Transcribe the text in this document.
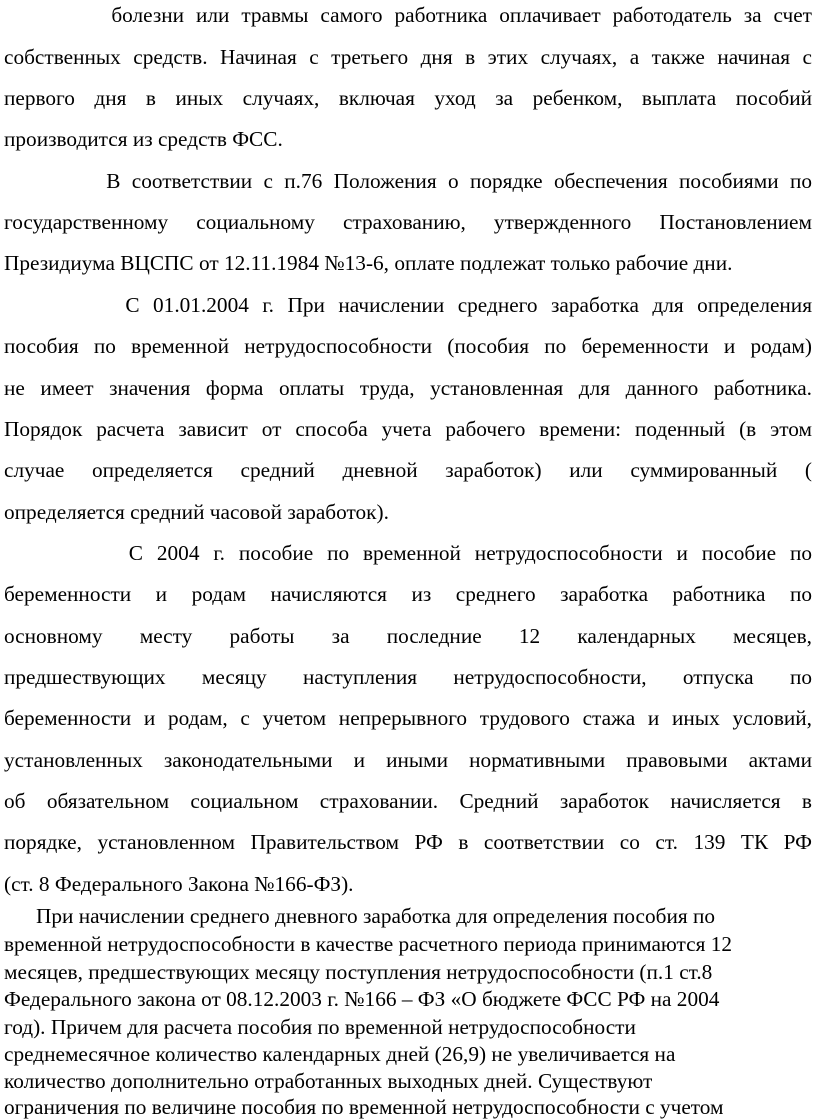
болезни или травмы самого работника оплачивает работодатель за счет

собственных средств. Начиная с третьего дня в этих случаях, а также начиная с

первого дня в иных случаях, включая уход за ребенком, выплата пособий

производится из средств ФСС.

В соответствии с п.76 Положения о порядке обеспечения пособиями по

государственному социальному страхованию, утвержденного Постановлением

Президиума ВЦСПС от 12.11.1984 №13-6, оплате подлежат только рабочие дни.

С 01.01.2004 г. При начислении среднего заработка для определения

пособия по временной нетрудоспособности (пособия по беременности и родам)

не имеет значения форма оплаты труда, установленная для данного работника.

Порядок расчета зависит от способа учета рабочего времени: поденный (в этом

случае определяется средний дневной заработок) или суммированный (

определяется средний часовой заработок).

С 2004 г. пособие по временной нетрудоспособности и пособие по

беременности и родам начисляются из среднего заработка работника по

основному месту работы за последние 12 календарных месяцев,

предшествующих месяцу наступления нетрудоспособности, отпуска по

беременности и родам, с учетом непрерывного трудового стажа и иных условий,

установленных законодательными и иными нормативными правовыми актами

об обязательном социальном страховании. Средний заработок начисляется в

порядке, установленном Правительством РФ в соответствии со ст. 139 ТК РФ

(ст. 8 Федерального Закона №166-ФЗ).

При начислении среднего дневного заработка для определения пособия по

временной нетрудоспособности в качестве расчетного периода принимаются 12

месяцев, предшествующих месяцу поступления нетрудоспособности (п.1 ст.8

Федерального закона от 08.12.2003 г. №166 – ФЗ «О бюджете ФСС РФ на 2004

год). Причем для расчета пособия по временной нетрудоспособности

среднемесячное количество календарных дней (26,9) не увеличивается на

количество дополнительно отработанных выходных дней. Существуют

ограничения по величине пособия по временной нетрудоспособности с учетом
